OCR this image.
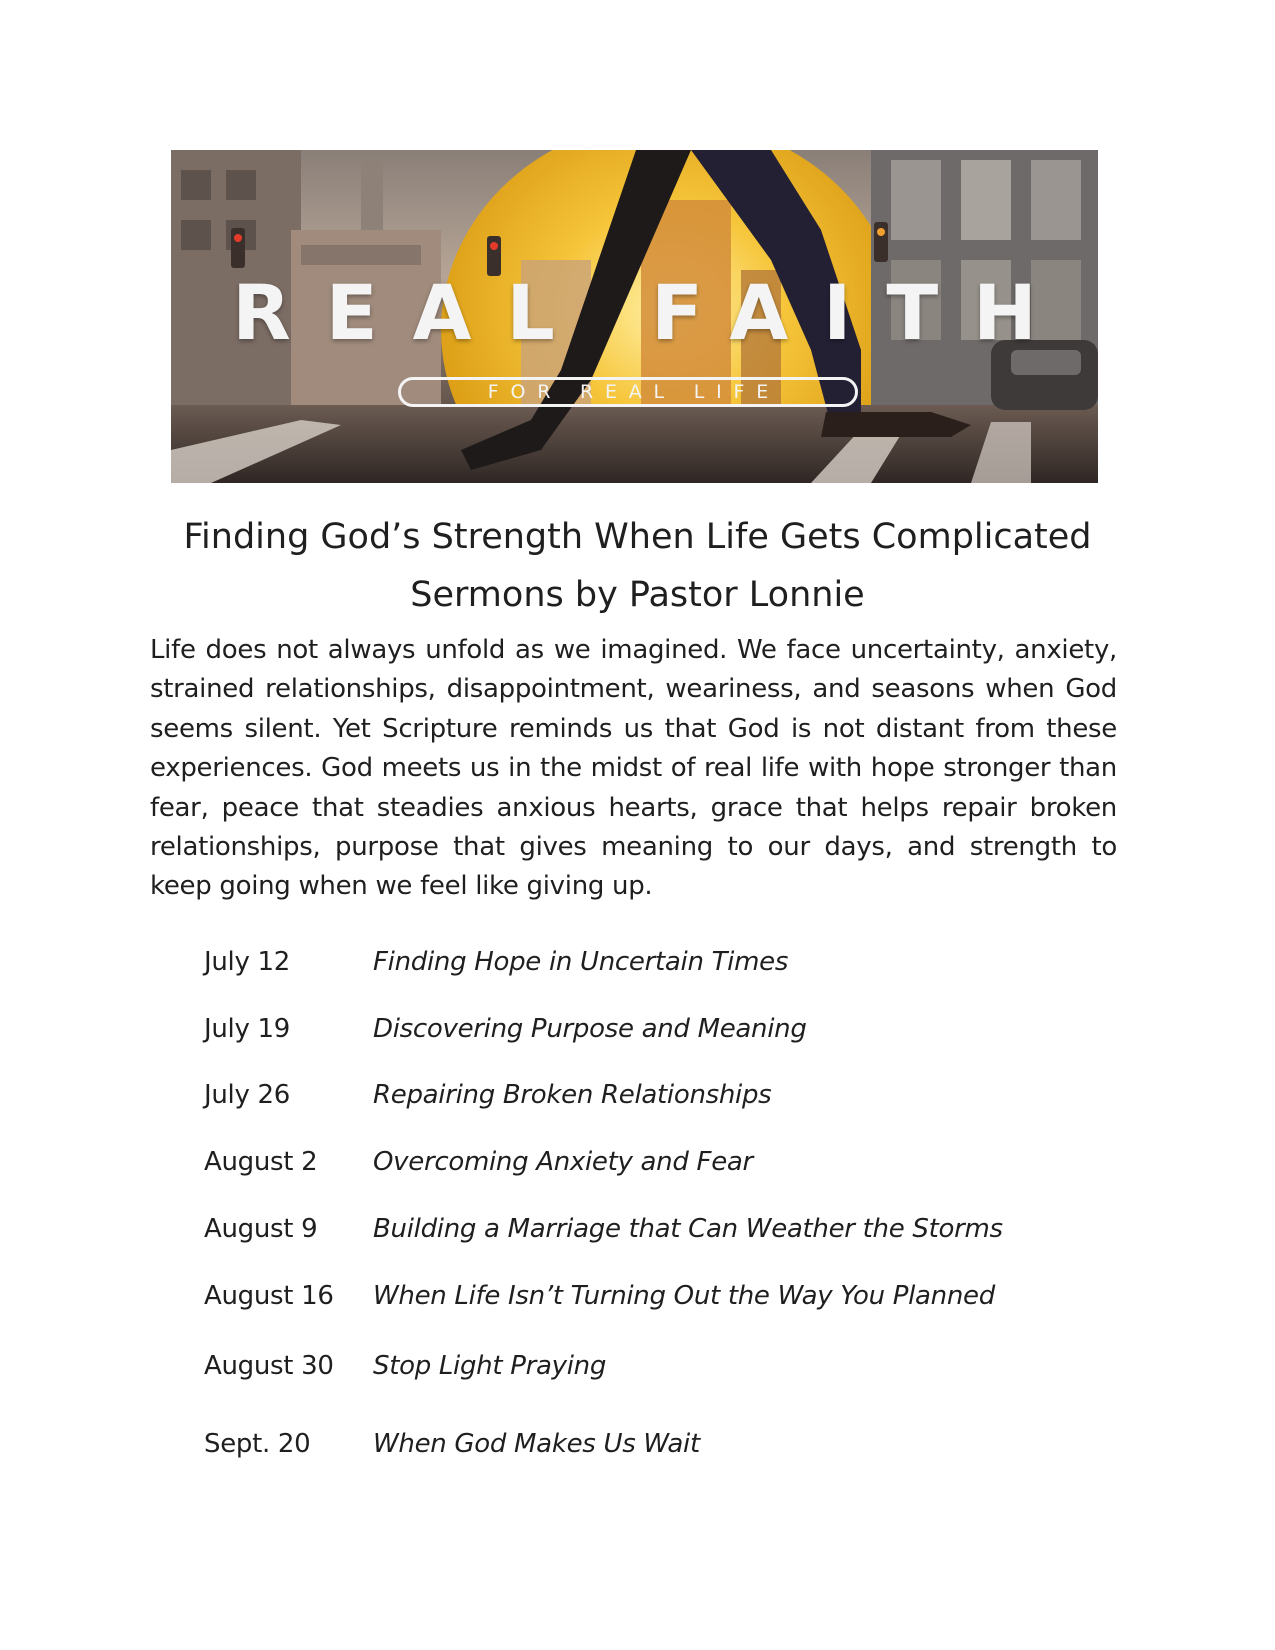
REAL FAITH
FOR REAL LIFE
Finding God’s Strength When Life Gets Complicated
Sermons by Pastor Lonnie
Life does not always unfold as we imagined. We face uncertainty, anxiety, strained relationships, disappointment, weariness, and seasons when God seems silent. Yet Scripture reminds us that God is not distant from these experiences. God meets us in the midst of real life with hope stronger than fear, peace that steadies anxious hearts, grace that helps repair broken relationships, purpose that gives meaning to our days, and strength to keep going when we feel like giving up.
July 12	Finding Hope in Uncertain Times
July 19	Discovering Purpose and Meaning
July 26	Repairing Broken Relationships
August 2 Overcoming Anxiety and Fear
August 9 Building a Marriage that Can Weather the Storms
August 16 When Life Isn’t Turning Out the Way You Planned
August 30 Stop Light Praying
Sept. 20 When God Makes Us Wait
